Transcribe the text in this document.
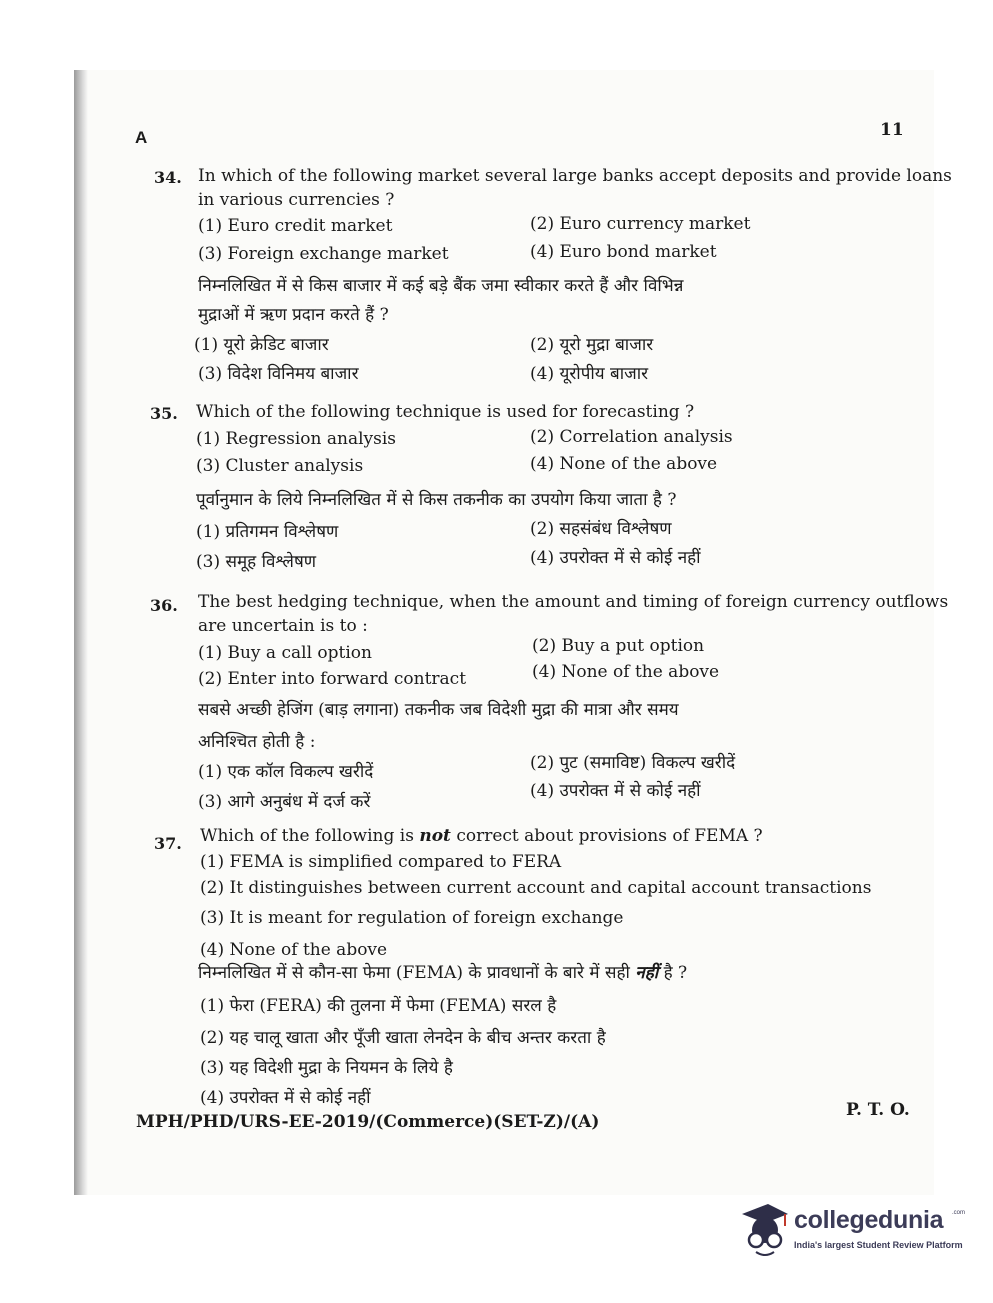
A	11
34. In which of the following market several large banks accept deposits and provide loans
in various currencies ?
(1) Euro credit market	(2) Euro currency market
(3) Foreign exchange market	(4) Euro bond market
निम्नलिखित में से किस बाजार में कई बड़े बैंक जमा स्वीकार करते हैं और विभिन्न
मुद्राओं में ऋण प्रदान करते हैं ?
(1) यूरो क्रेडिट बाजार	(2) यूरो मुद्रा बाजार
(3) विदेश विनिमय बाजार	(4) यूरोपीय बाजार
35. Which of the following technique is used for forecasting ?
(1) Regression analysis	(2) Correlation analysis
(3) Cluster analysis	(4) None of the above
पूर्वानुमान के लिये निम्नलिखित में से किस तकनीक का उपयोग किया जाता है ?
(1) प्रतिगमन विश्लेषण	(2) सहसंबंध विश्लेषण
(3) समूह विश्लेषण	(4) उपरोक्त में से कोई नहीं
36. The best hedging technique, when the amount and timing of foreign currency outflows
are uncertain is to :
(1) Buy a call option	(2) Buy a put option
(2) Enter into forward contract	(4) None of the above
सबसे अच्छी हेजिंग (बाड़ लगाना) तकनीक जब विदेशी मुद्रा की मात्रा और समय
अनिश्चित होती है :
(1) एक कॉल विकल्प खरीदें	(2) पुट (समाविष्ट) विकल्प खरीदें
(3) आगे अनुबंध में दर्ज करें
(4) उपरोक्त में से कोई नहीं
37. Which of the following is not correct about provisions of FEMA ?
(1) FEMA is simplified compared to FERA
(2) It distinguishes between current account and capital account transactions
(3) It is meant for regulation of foreign exchange
(4) None of the above
निम्नलिखित में से कौन-सा फेमा (FEMA) के प्रावधानों के बारे में सही नहीं है ?
(1) फेरा (FERA) की तुलना में फेमा (FEMA) सरल है
(2) यह चालू खाता और पूँजी खाता लेनदेन के बीच अन्तर करता है
(3) यह विदेशी मुद्रा के नियमन के लिये है
(4) उपरोक्त में से कोई नहीं
MPH/PHD/URS-EE-2019/(Commerce)(SET-Z)/(A)
P. T. O.
collegedunia .com
India's largest Student Review Platform
